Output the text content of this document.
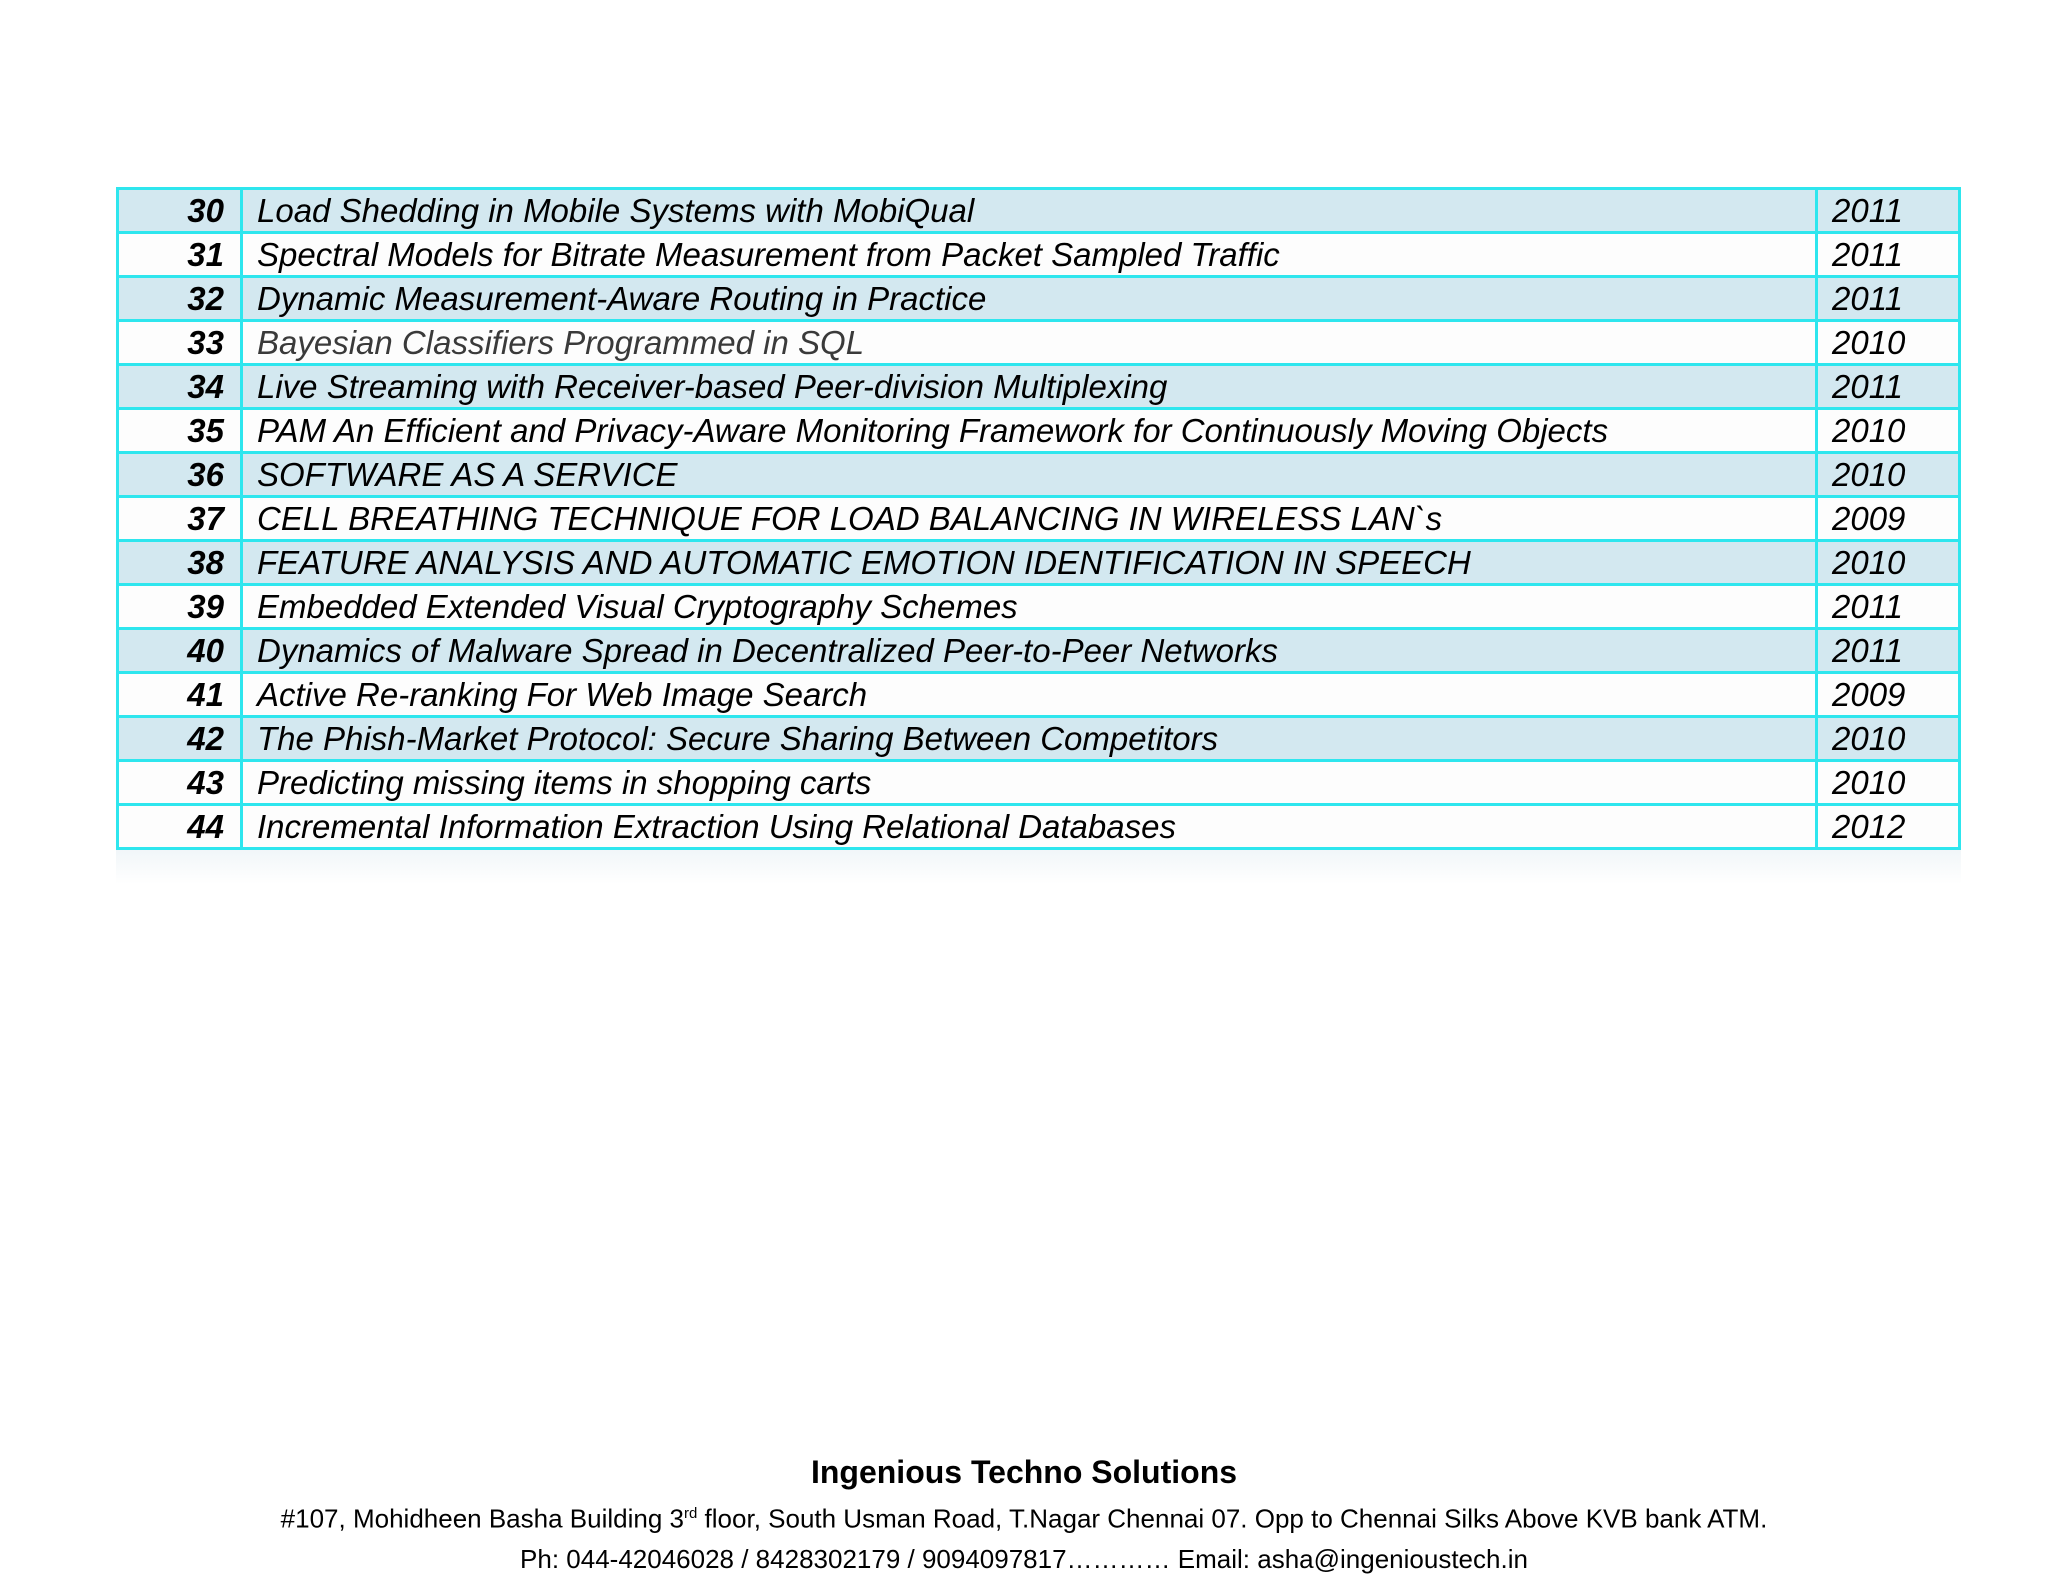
30	Load Shedding in Mobile Systems with MobiQual	2011
31	Spectral Models for Bitrate Measurement from Packet Sampled Traffic	2011
32	Dynamic Measurement-Aware Routing in Practice	2011
33	Bayesian Classifiers Programmed in SQL	2010
34	Live Streaming with Receiver-based Peer-division Multiplexing	2011
35	PAM An Efficient and Privacy-Aware Monitoring Framework for Continuously Moving Objects	2010
36	SOFTWARE AS A SERVICE	2010
37	CELL BREATHING TECHNIQUE FOR LOAD BALANCING IN WIRELESS LAN`s	2009
38	FEATURE ANALYSIS AND AUTOMATIC EMOTION IDENTIFICATION IN SPEECH	2010
39	Embedded Extended Visual Cryptography Schemes	2011
40	Dynamics of Malware Spread in Decentralized Peer-to-Peer Networks	2011
41	Active Re-ranking For Web Image Search	2009
42	The Phish-Market Protocol: Secure Sharing Between Competitors	2010
43	Predicting missing items in shopping carts	2010
44	Incremental Information Extraction Using Relational Databases	2012
Ingenious Techno Solutions
#107, Mohidheen Basha Building 3rd floor, South Usman Road, T.Nagar Chennai 07. Opp to Chennai Silks Above KVB bank ATM.
Ph: 044-42046028 / 8428302179 / 9094097817………… Email: asha@ingenioustech.in
